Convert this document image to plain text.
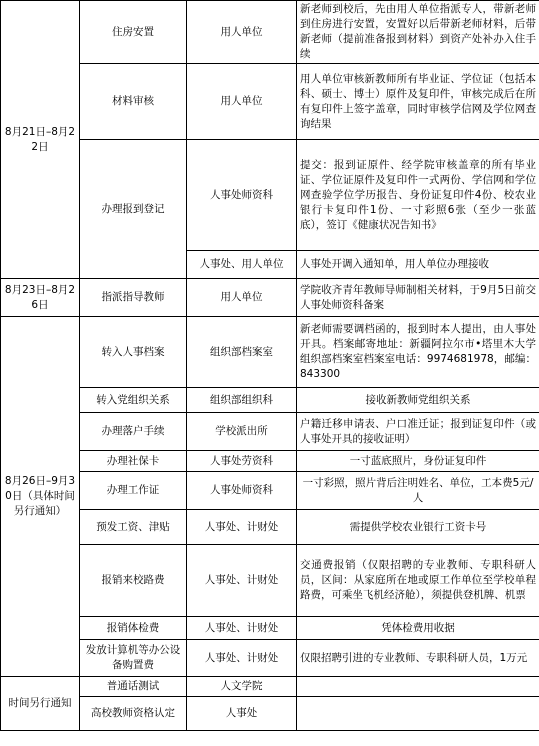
8月21日–8月22日	住房安置	用人单位	新老师到校后，先由用人单位指派专人，带新老师到住房进行安置，安置好以后带新老师材料，后带新老师（提前准备报到材料）到资产处补办入住手续
	材料审核	用人单位	用人单位审核新教师所有毕业证、学位证（包括本科、硕士、博士）原件及复印件，审核完成后在所有复印件上签字盖章，同时审核学信网及学位网查询结果
	办理报到登记	人事处师资科	提交：报到证原件、经学院审核盖章的所有毕业证、学位证原件及复印件一式两份、学信网和学位网查验学位学历报告、身份证复印件4份、校农业银行卡复印件1份、一寸彩照6张（至少一张蓝底），签订《健康状况告知书》
		人事处、用人单位	人事处开调入通知单，用人单位办理接收
8月23日–8月26日	指派指导教师	用人单位	学院收齐青年教师导师制相关材料，于9月5日前交人事处师资科备案
8月26日–9月30日（具体时间另行通知）	转入人事档案	组织部档案室	新老师需要调档函的，报到时本人提出，由人事处开具。档案邮寄地址：新疆阿拉尔市•塔里木大学组织部档案室档案室电话：9974681978，邮编：843300
	转入党组织关系	组织部组织科	接收新教师党组织关系
	办理落户手续	学校派出所	户籍迁移申请表、户口准迁证；报到证复印件（或人事处开具的接收证明）
	办理社保卡	人事处劳资科	一寸蓝底照片，身份证复印件
	办理工作证	人事处师资科	一寸彩照，照片背后注明姓名、单位，工本费5元/人
	预发工资、津贴	人事处、计财处	需提供学校农业银行工资卡号
	报销来校路费	人事处、计财处	交通费报销（仅限招聘的专业教师、专职科研人员，区间：从家庭所在地或原工作单位至学校单程路费，可乘坐飞机经济舱），须提供登机牌、机票
	报销体检费	人事处、计财处	凭体检费用收据
	发放计算机等办公设备购置费	人事处、计财处	仅限招聘引进的专业教师、专职科研人员，1万元
时间另行通知	普通话测试	人文学院	
	高校教师资格认定	人事处	
